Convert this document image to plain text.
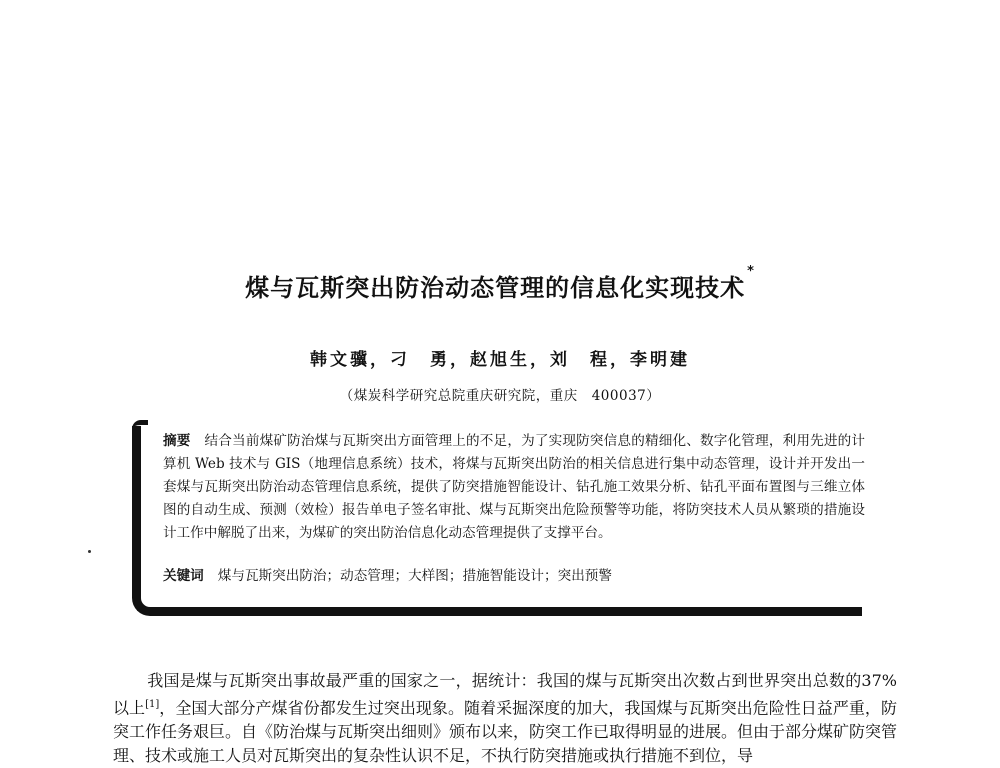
煤与瓦斯突出防治动态管理的信息化实现技术*
韩文骥，刁　勇，赵旭生，刘　程，李明建
（煤炭科学研究总院重庆研究院，重庆　400037）
摘要 结合当前煤矿防治煤与瓦斯突出方面管理上的不足，为了实现防突信息的精细化、数字化管理，利用先进的计算机 Web 技术与 GIS（地理信息系统）技术，将煤与瓦斯突出防治的相关信息进行集中动态管理，设计并开发出一套煤与瓦斯突出防治动态管理信息系统，提供了防突措施智能设计、钻孔施工效果分析、钻孔平面布置图与三维立体图的自动生成、预测（效检）报告单电子签名审批、煤与瓦斯突出危险预警等功能，将防突技术人员从繁琐的措施设计工作中解脱了出来，为煤矿的突出防治信息化动态管理提供了支撑平台。
关键词 煤与瓦斯突出防治；动态管理；大样图；措施智能设计；突出预警
我国是煤与瓦斯突出事故最严重的国家之一，据统计：我国的煤与瓦斯突出次数占到世界突出总数的37%以上[1]，全国大部分产煤省份都发生过突出现象。随着采掘深度的加大，我国煤与瓦斯突出危险性日益严重，防突工作任务艰巨。自《防治煤与瓦斯突出细则》颁布以来，防突工作已取得明显的进展。但由于部分煤矿防突管理、技术或施工人员对瓦斯突出的复杂性认识不足，不执行防突措施或执行措施不到位，导
